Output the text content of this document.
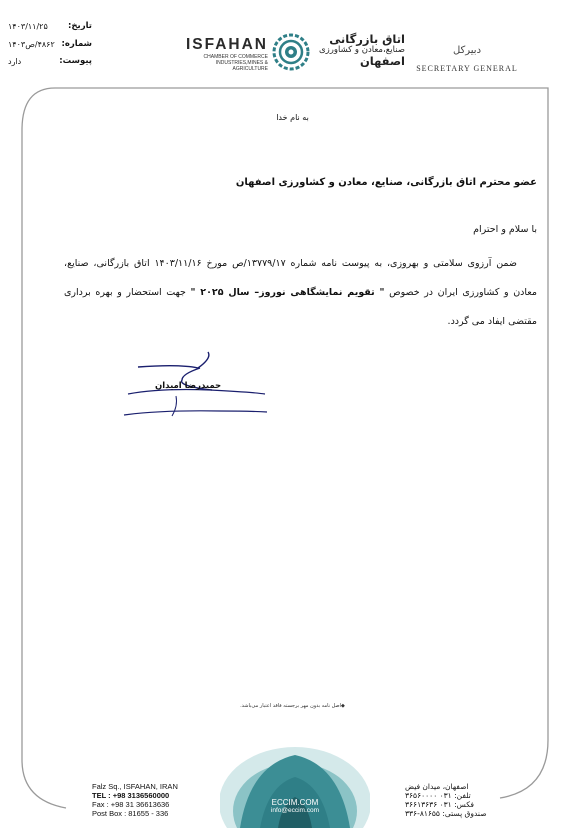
تاریخ:
۱۴۰۳/۱۱/۲۵
شماره:
۴۸۶۲/ص۱۴۰۳
پیوست:
دارد
ISFAHAN
CHAMBER OF COMMERCE
INDUSTRIES,MINES & AGRICULTURE
اتاق بازرگانی
صنایع،معادن و کشاورزی
اصفهان
دبیرکل
SECRETARY GENERAL
به نام خدا
عضو محترم اتاق بازرگانی، صنایع، معادن و کشاورزی اصفهان
با سلام و احترام
ضمن آرزوی سلامتی و بهروزی، به پیوست نامه شماره ۱۳۷۷۹/۱۷/ص مورخ ۱۴۰۳/۱۱/۱۶ اتاق بازرگانی، صنایع، معادن و کشاورزی ایران در خصوص " تقویم نمایشگاهی نوروز– سال ۲۰۲۵ " جهت استحضار و بهره برداری مقتضی ایفاد می گردد.
حمیدرضا امیدان
◆اصل نامه بدون مهر برجسته فاقد اعتبار می‌باشد.
ECCIM.COM
info@eccim.com
Falz Sq., ISFAHAN, IRAN
TEL : +98 3136560000
Fax : +98 31 36613636
Post Box : 81655 - 336
اصفهان، میدان فیض
تلفن: ۰۳۱ ۳۶۵۶۰۰۰۰
فکس: ۰۳۱ ۳۶۶۱۳۶۳۶
صندوق پستی: ۸۱۶۵۵-۳۳۶
